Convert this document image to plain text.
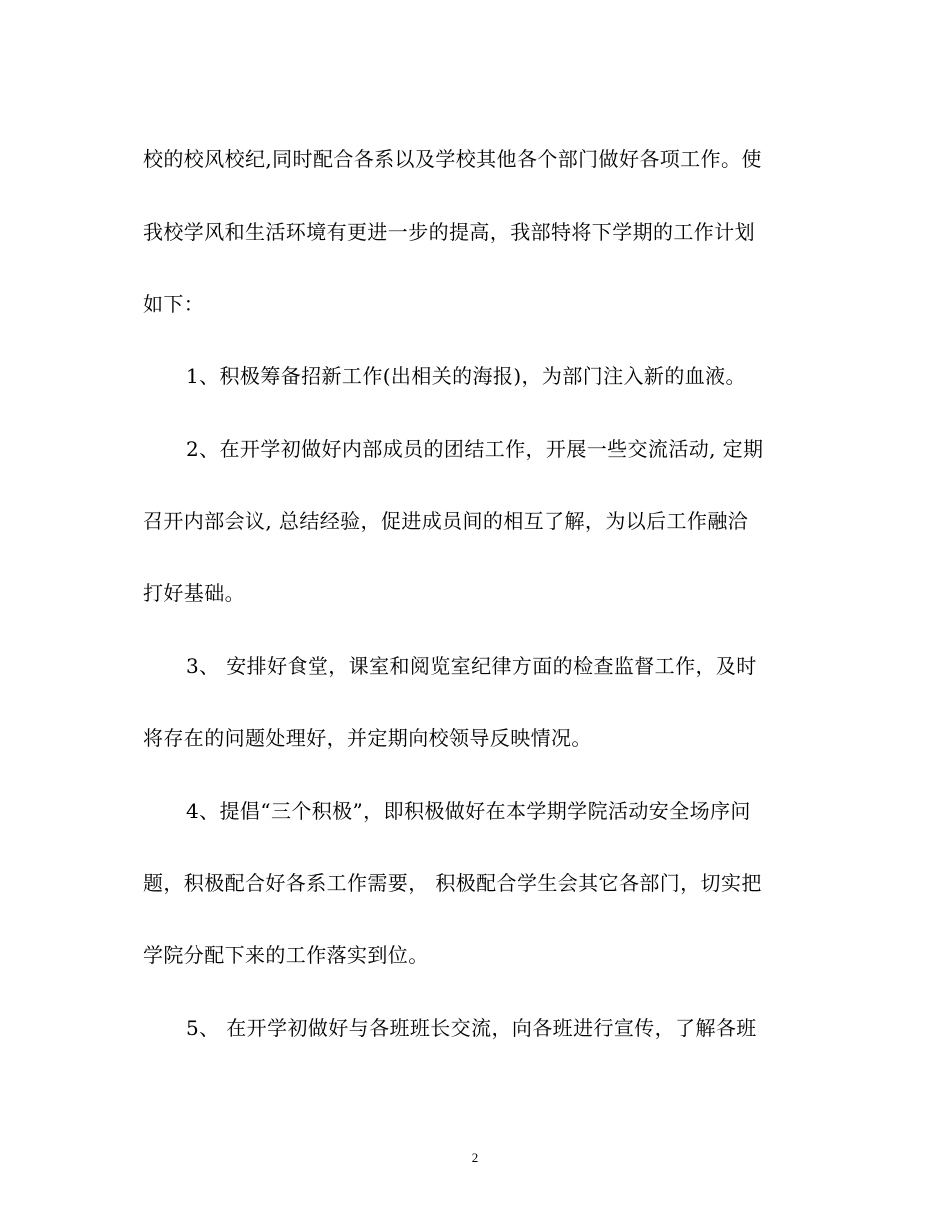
校的校风校纪,同时配合各系以及学校其他各个部门做好各项工作。使
我校学风和生活环境有更进一步的提高，我部特将下学期的工作计划
如下：
1、积极筹备招新工作(出相关的海报)，为部门注入新的血液。
2、在开学初做好内部成员的团结工作，开展一些交流活动, 定期
召开内部会议, 总结经验，促进成员间的相互了解，为以后工作融洽
打好基础。
3、 安排好食堂，课室和阅览室纪律方面的检查监督工作，及时
将存在的问题处理好，并定期向校领导反映情况。
4、提倡“三个积极”，即积极做好在本学期学院活动安全场序问
题，积极配合好各系工作需要， 积极配合学生会其它各部门，切实把
学院分配下来的工作落实到位。
5、 在开学初做好与各班班长交流，向各班进行宣传，了解各班
2
